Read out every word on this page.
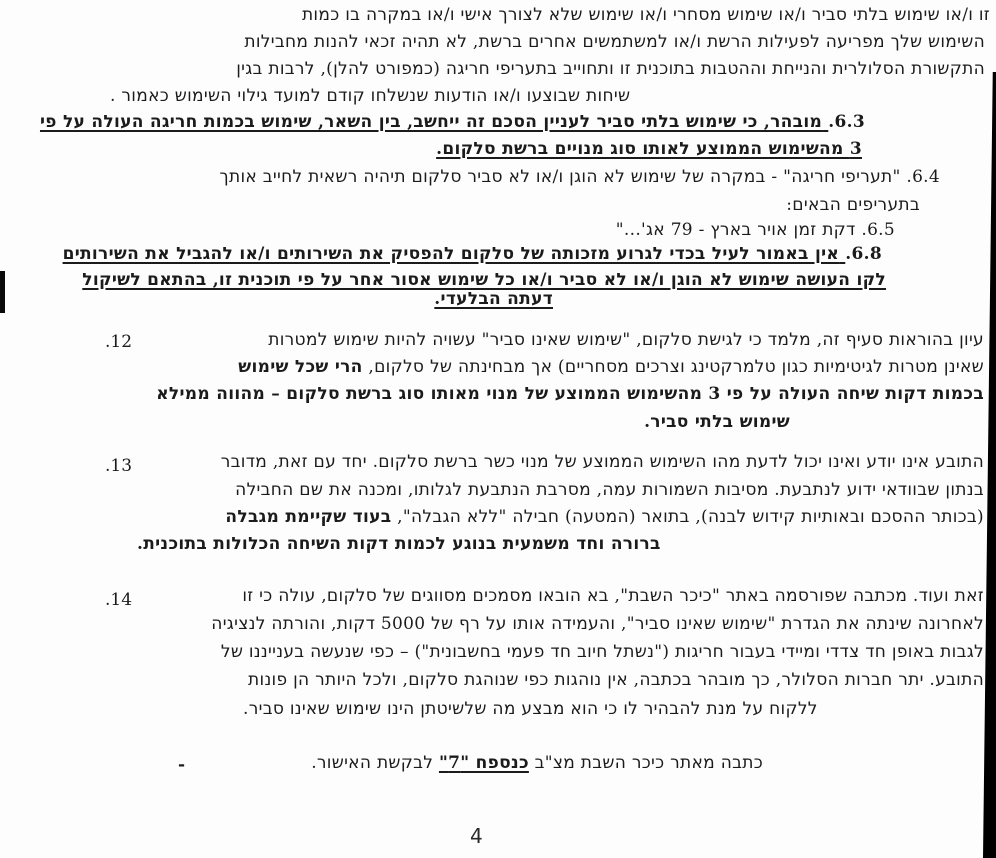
זו ו/או שימוש בלתי סביר ו/או שימוש מסחרי ו/או שימוש שלא לצורך אישי ו/או במקרה בו כמות
השימוש שלך מפריעה לפעילות הרשת ו/או למשתמשים אחרים ברשת, לא תהיה זכאי להנות מחבילות
התקשורת הסלולרית והנייחת וההטבות בתוכנית זו ותחוייב בתעריפי חריגה (כמפורט להלן), לרבות בגין
שיחות שבוצעו ו/או הודעות שנשלחו קודם למועד גילוי השימוש כאמור .
6.3. מובהר, כי שימוש בלתי סביר לעניין הסכם זה ייחשב, בין השאר, שימוש בכמות חריגה העולה על פי
3 מהשימוש הממוצע לאותו סוג מנויים ברשת סלקום.
6.4. "תעריפי חריגה" - במקרה של שימוש לא הוגן ו/או לא סביר סלקום תיהיה רשאית לחייב אותך
בתעריפים הבאים:
6.5. דקת זמן אויר בארץ - 79 אג'..."
6.8. אין באמור לעיל בכדי לגרוע מזכותה של סלקום להפסיק את השירותים ו/או להגביל את השירותים
לקו העושה שימוש לא הוגן ו/או לא סביר ו/או כל שימוש אסור אחר על פי תוכנית זו, בהתאם לשיקול
דעתה הבלעדי.
12.	עיון בהוראות סעיף זה, מלמד כי לגישת סלקום, "שימוש שאינו סביר" עשויה להיות שימוש למטרות
שאינן מטרות לגיטימיות כגון טלמרקטינג וצרכים מסחריים) אך מבחינתה של סלקום, הרי שכל שימוש
בכמות דקות שיחה העולה על פי 3 מהשימוש הממוצע של מנוי מאותו סוג ברשת סלקום – מהווה ממילא
שימוש בלתי סביר.
13.	התובע אינו יודע ואינו יכול לדעת מהו השימוש הממוצע של מנוי כשר ברשת סלקום. יחד עם זאת, מדובר
בנתון שבוודאי ידוע לנתבעת. מסיבות השמורות עמה, מסרבת הנתבעת לגלותו, ומכנה את שם החבילה
(בכותר ההסכם ובאותיות קידוש לבנה), בתואר (המטעה) חבילה "ללא הגבלה", בעוד שקיימת מגבלה
ברורה וחד משמעית בנוגע לכמות דקות השיחה הכלולות בתוכנית.
14.	זאת ועוד. מכתבה שפורסמה באתר "כיכר השבת", בא הובאו מסמכים מסווגים של סלקום, עולה כי זו
לאחרונה שינתה את הגדרת "שימוש שאינו סביר", והעמידה אותו על רף של 5000 דקות, והורתה לנציגיה
לגבות באופן חד צדדי ומיידי בעבור חריגות ("נשתל חיוב חד פעמי בחשבונית") – כפי שנעשה בענייננו של
התובע. יתר חברות הסלולר, כך מובהר בכתבה, אין נוהגות כפי שנוהגת סלקום, ולכל היותר הן פונות
ללקוח על מנת להבהיר לו כי הוא מבצע מה שלשיטתן הינו שימוש שאינו סביר.
-	כתבה מאתר כיכר השבת מצ"ב כנספח "7" לבקשת האישור.
4
